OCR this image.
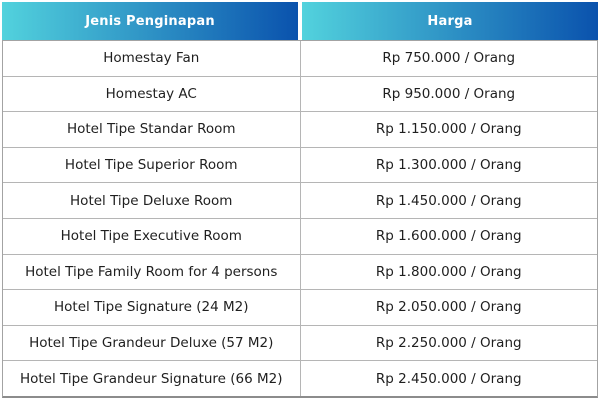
Jenis Penginapan	Harga
Homestay Fan	Rp 750.000 / Orang
Homestay AC	Rp 950.000 / Orang
Hotel Tipe Standar Room	Rp 1.150.000 / Orang
Hotel Tipe Superior Room	Rp 1.300.000 / Orang
Hotel Tipe Deluxe Room	Rp 1.450.000 / Orang
Hotel Tipe Executive Room	Rp 1.600.000 / Orang
Hotel Tipe Family Room for 4 persons	Rp 1.800.000 / Orang
Hotel Tipe Signature (24 M2)	Rp 2.050.000 / Orang
Hotel Tipe Grandeur Deluxe (57 M2)	Rp 2.250.000 / Orang
Hotel Tipe Grandeur Signature (66 M2)	Rp 2.450.000 / Orang
